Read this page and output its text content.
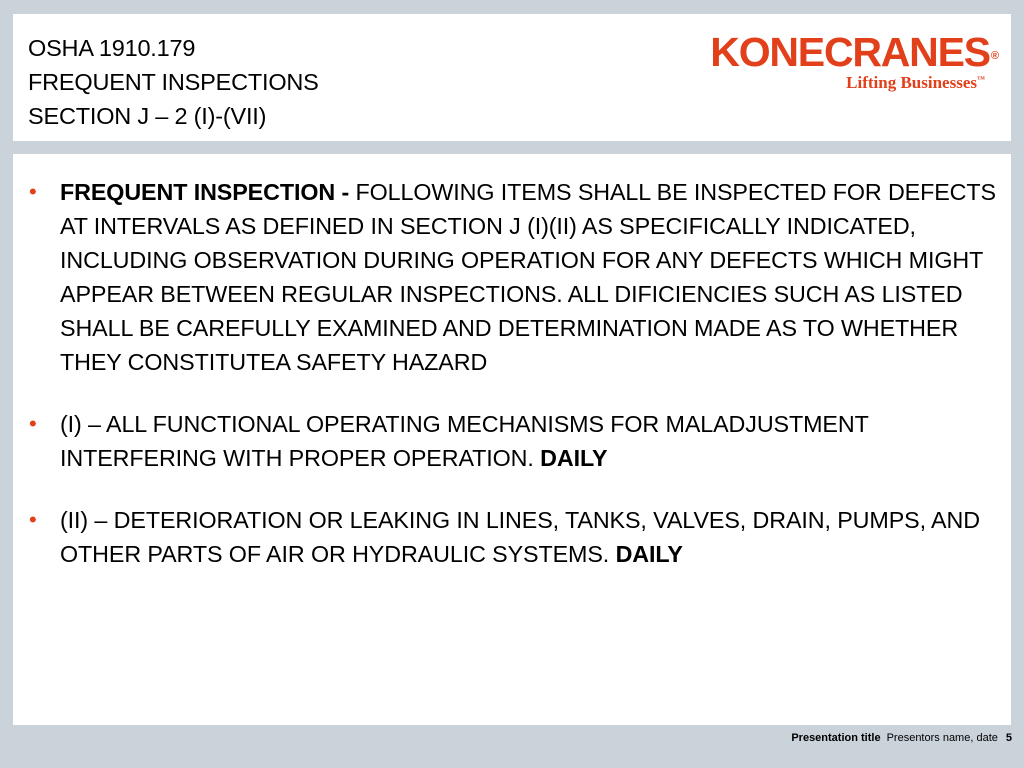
OSHA 1910.179
FREQUENT INSPECTIONS
SECTION J – 2 (I)-(VII)
KONECRANES®
Lifting Businesses™
• FREQUENT INSPECTION - FOLLOWING ITEMS SHALL BE INSPECTED FOR DEFECTS AT INTERVALS AS DEFINED IN SECTION J (I)(II) AS SPECIFICALLY INDICATED, INCLUDING OBSERVATION DURING OPERATION FOR ANY DEFECTS WHICH MIGHT APPEAR BETWEEN REGULAR INSPECTIONS. ALL DIFICIENCIES SUCH AS LISTED SHALL BE CAREFULLY EXAMINED AND DETERMINATION MADE AS TO WHETHER THEY CONSTITUTEA SAFETY HAZARD
• (I) – ALL FUNCTIONAL OPERATING MECHANISMS FOR MALADJUSTMENT INTERFERING WITH PROPER OPERATION. DAILY
• (II) – DETERIORATION OR LEAKING IN LINES, TANKS, VALVES, DRAIN, PUMPS, AND OTHER PARTS OF AIR OR HYDRAULIC SYSTEMS. DAILY
Presentation title Presentors name, date 5
